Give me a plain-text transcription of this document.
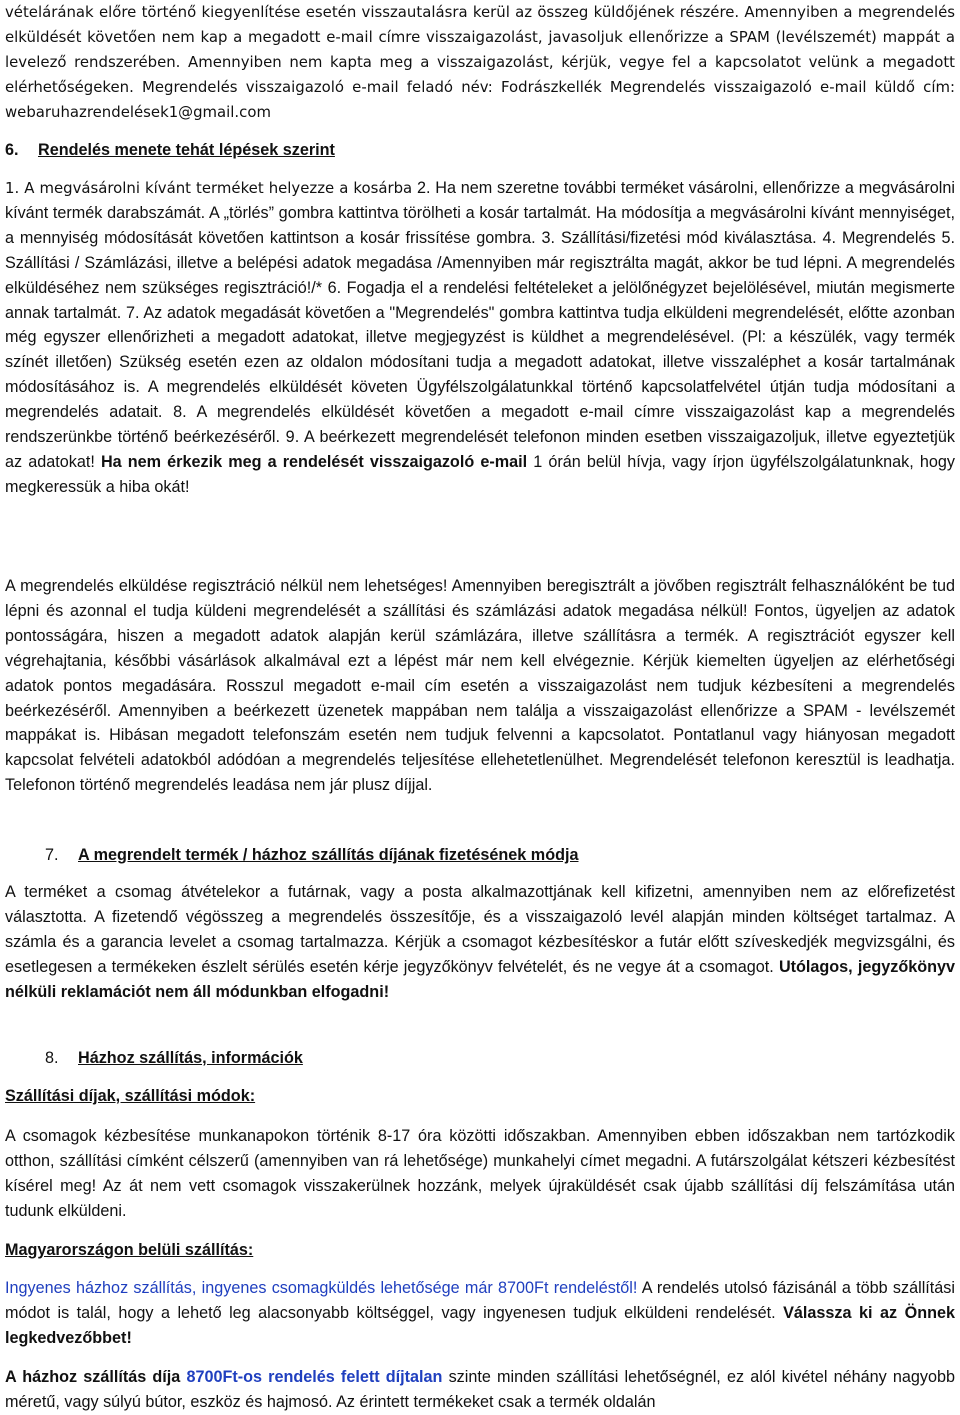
vételárának előre történő kiegyenlítése esetén visszautalásra kerül az összeg küldőjének részére. Amennyiben a megrendelés elküldését követően nem kap a megadott e-mail címre visszaigazolást, javasoljuk ellenőrizze a SPAM (levélszemét) mappát a levelező rendszerében. Amennyiben nem kapta meg a visszaigazolást, kérjük, vegye fel a kapcsolatot velünk a megadott elérhetőségeken. Megrendelés visszaigazoló e-mail feladó név: Fodrászkellék Megrendelés visszaigazoló e-mail küldő cím: webaruhazrendelések1@gmail.com

6. Rendelés menete tehát lépések szerint

1. A megvásárolni kívánt terméket helyezze a kosárba 2. Ha nem szeretne további terméket vásárolni, ellenőrizze a megvásárolni kívánt termék darabszámát. A „törlés” gombra kattintva törölheti a kosár tartalmát. Ha módosítja a megvásárolni kívánt mennyiséget, a mennyiség módosítását követően kattintson a kosár frissítése gombra. 3. Szállítási/fizetési mód kiválasztása. 4. Megrendelés 5. Szállítási / Számlázási, illetve a belépési adatok megadása /Amennyiben már regisztrálta magát, akkor be tud lépni. A megrendelés elküldéséhez nem szükséges regisztráció!/* 6. Fogadja el a rendelési feltételeket a jelölőnégyzet bejelölésével, miután megismerte annak tartalmát. 7. Az adatok megadását követően a "Megrendelés" gombra kattintva tudja elküldeni megrendelését, előtte azonban még egyszer ellenőrizheti a megadott adatokat, illetve megjegyzést is küldhet a megrendelésével. (Pl: a készülék, vagy termék színét illetően) Szükség esetén ezen az oldalon módosítani tudja a megadott adatokat, illetve visszaléphet a kosár tartalmának módosításához is. A megrendelés elküldését követen Ügyfélszolgálatunkkal történő kapcsolatfelvétel útján tudja módosítani a megrendelés adatait. 8. A megrendelés elküldését követően a megadott e-mail címre visszaigazolást kap a megrendelés rendszerünkbe történő beérkezéséről. 9. A beérkezett megrendelését telefonon minden esetben visszaigazoljuk, illetve egyeztetjük az adatokat! Ha nem érkezik meg a rendelését visszaigazoló e-mail 1 órán belül hívja, vagy írjon ügyfélszolgálatunknak, hogy megkeressük a hiba okát!

A megrendelés elküldése regisztráció nélkül nem lehetséges! Amennyiben beregisztrált a jövőben regisztrált felhasználóként be tud lépni és azonnal el tudja küldeni megrendelését a szállítási és számlázási adatok megadása nélkül! Fontos, ügyeljen az adatok pontosságára, hiszen a megadott adatok alapján kerül számlázára, illetve szállításra a termék. A regisztrációt egyszer kell végrehajtania, későbbi vásárlások alkalmával ezt a lépést már nem kell elvégeznie. Kérjük kiemelten ügyeljen az elérhetőségi adatok pontos megadására. Rosszul megadott e-mail cím esetén a visszaigazolást nem tudjuk kézbesíteni a megrendelés beérkezéséről. Amennyiben a beérkezett üzenetek mappában nem találja a visszaigazolást ellenőrizze a SPAM - levélszemét mappákat is. Hibásan megadott telefonszám esetén nem tudjuk felvenni a kapcsolatot. Pontatlanul vagy hiányosan megadott kapcsolat felvételi adatokból adódóan a megrendelés teljesítése ellehetetlenülhet. Megrendelését telefonon keresztül is leadhatja. Telefonon történő megrendelés leadása nem jár plusz díjjal.

7. A megrendelt termék / házhoz szállítás díjának fizetésének módja

A terméket a csomag átvételekor a futárnak, vagy a posta alkalmazottjának kell kifizetni, amennyiben nem az előrefizetést választotta. A fizetendő végösszeg a megrendelés összesítője, és a visszaigazoló levél alapján minden költséget tartalmaz. A számla és a garancia levelet a csomag tartalmazza. Kérjük a csomagot kézbesítéskor a futár előtt szíveskedjék megvizsgálni, és esetlegesen a termékeken észlelt sérülés esetén kérje jegyzőkönyv felvételét, és ne vegye át a csomagot. Utólagos, jegyzőkönyv nélküli reklamációt nem áll módunkban elfogadni!

8. Házhoz szállítás, információk

Szállítási díjak, szállítási módok:

A csomagok kézbesítése munkanapokon történik 8-17 óra közötti időszakban. Amennyiben ebben időszakban nem tartózkodik otthon, szállítási címként célszerű (amennyiben van rá lehetősége) munkahelyi címet megadni. A futárszolgálat kétszeri kézbesítést kísérel meg! Az át nem vett csomagok visszakerülnek hozzánk, melyek újraküldését csak újabb szállítási díj felszámítása után tudunk elküldeni.

Magyarországon belüli szállítás:

Ingyenes házhoz szállítás, ingyenes csomagküldés lehetősége már 8700Ft rendeléstől! A rendelés utolsó fázisánál a több szállítási módot is talál, hogy a lehető leg alacsonyabb költséggel, vagy ingyenesen tudjuk elküldeni rendelését. Válassza ki az Önnek legkedvezőbbet!

A házhoz szállítás díja 8700Ft-os rendelés felett díjtalan szinte minden szállítási lehetőségnél, ez alól kivétel néhány nagyobb méretű, vagy súlyú bútor, eszköz és hajmosó. Az érintett termékeket csak a termék oldalán
